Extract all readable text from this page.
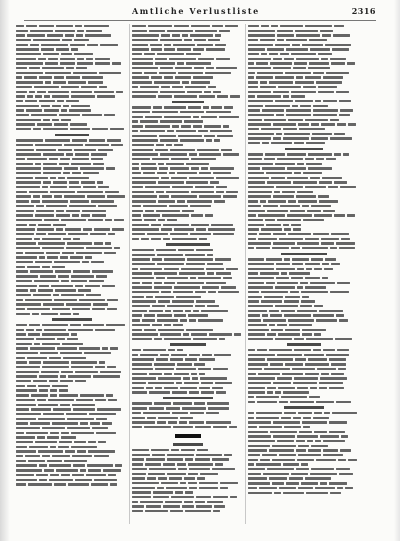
Amtliche Verlustliste	2316
